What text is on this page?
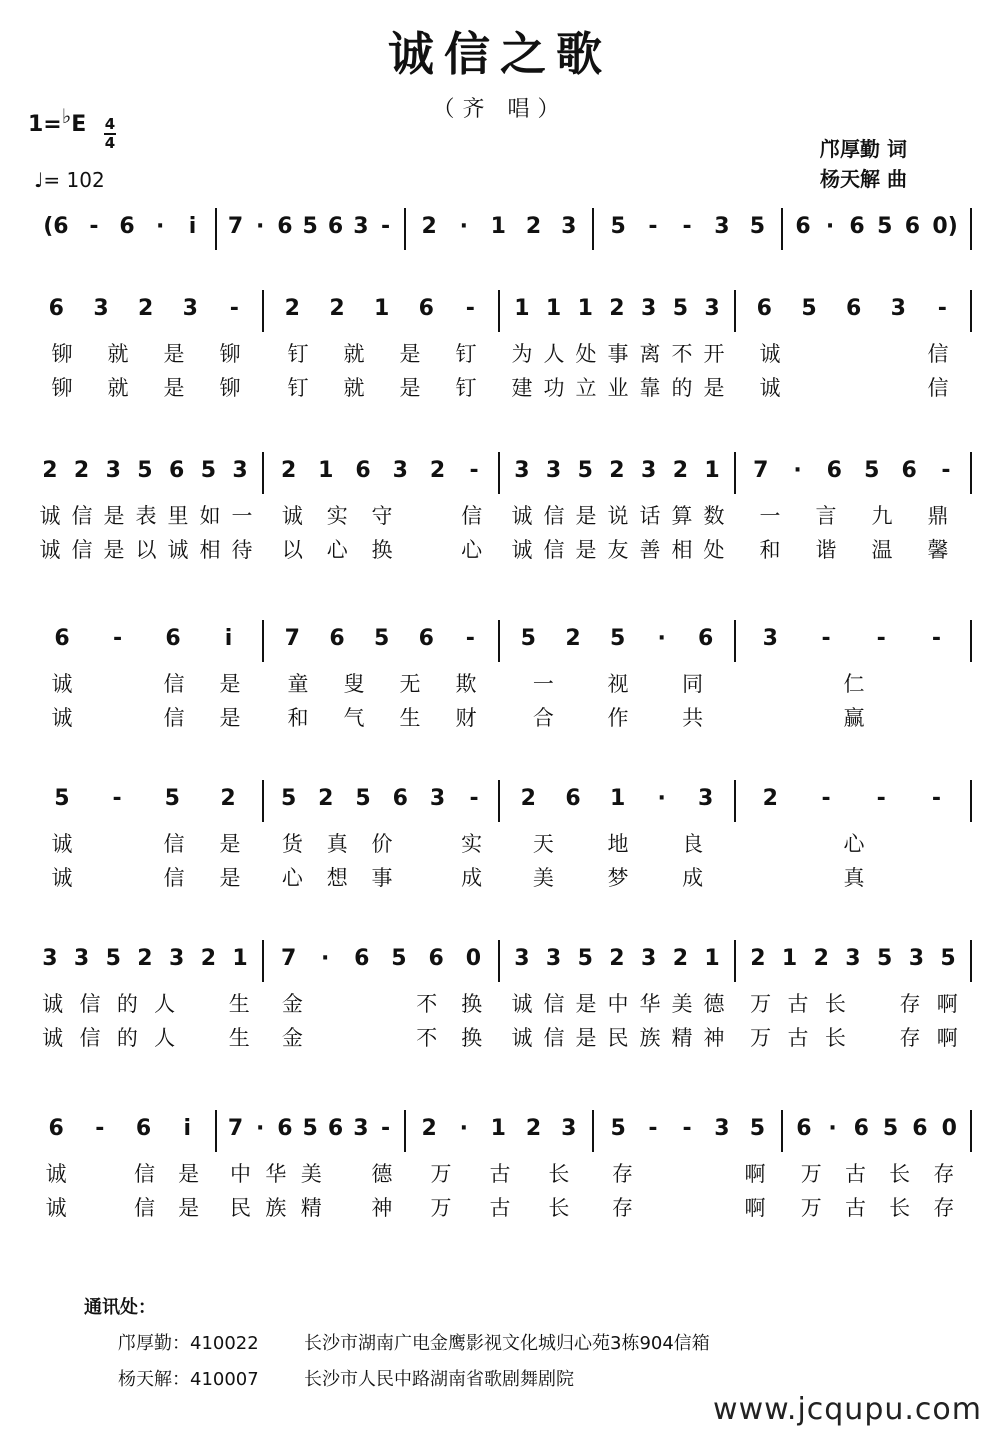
诚信之歌
（齐 唱）
1=♭E 4
4
♩= 102
邝厚勤 词
杨天解 曲
(6 - 6 · i 7 · 6 5 6 3 - 2 · 1 2 3 5 - - 3 5 6 · 6 5 6 0)
6 3 2 3 - 2 2 1 6 - 1 1 1 2 3 5 3 6 5 6 3 -
铆 就 是 铆 钉 就 是 钉 为 人 处 事 离 不 开 诚

　	信
铆 就 是 铆 钉 就 是 钉 建 功 立 业 靠 的 是 诚

　	信
2 2 3 5 6 5 3 2 1 6 3 2 - 3 3 5 2 3 2 1 7 · 6 5 6 -
诚 信 是 表 里 如 一 诚 实 守
　	信 诚 信 是 说 话 算 数 一 言 九 鼎
诚 信 是 以 诚 相 待 以 心 换
　	心 诚 信 是 友 善 相 处 和 谐 温 馨
6 - 6 i 7 6 5 6 - 5 2 5 · 6 3 - - -
诚
　	信 是 童 叟 无 欺	一	视	同	仁
诚
　	信 是 和 气 生 财	合	作	共	赢
5 - 5 2 5 2 5 6 3 - 2 6 1 · 3 2 - - -
诚
　	信 是 货 真 价
　	实 天	地	良	心
诚
　	信 是 心 想 事
　	成 美	梦	成	真
3 3 5 2 3 2 1 7 · 6 5 6 0 3 3 5 2 3 2 1 2 1 2 3 5 3 5
诚 信 的 人
　	生 金

　	不 换 诚 信 是 中 华 美 德 万 古 长
　	存 啊
诚 信 的 人
　	生 金

　	不 换 诚 信 是 民 族 精 神 万 古 长
　	存 啊
6 - 6 i 7 · 6 5 6 3 - 2 · 1 2 3 5 - - 3 5 6 · 6 5 6 0
诚
　	信 是 中 华 美
　 德 万 古 长 存

　	啊 万 古 长 存
诚
　	信 是 民 族 精
　 神 万 古 长 存

　	啊 万 古 长 存
通讯处：
邝厚勤：410022	长沙市湖南广电金鹰影视文化城归心苑3栋904信箱
杨天解：410007	长沙市人民中路湖南省歌剧舞剧院
www.jcqupu.com
